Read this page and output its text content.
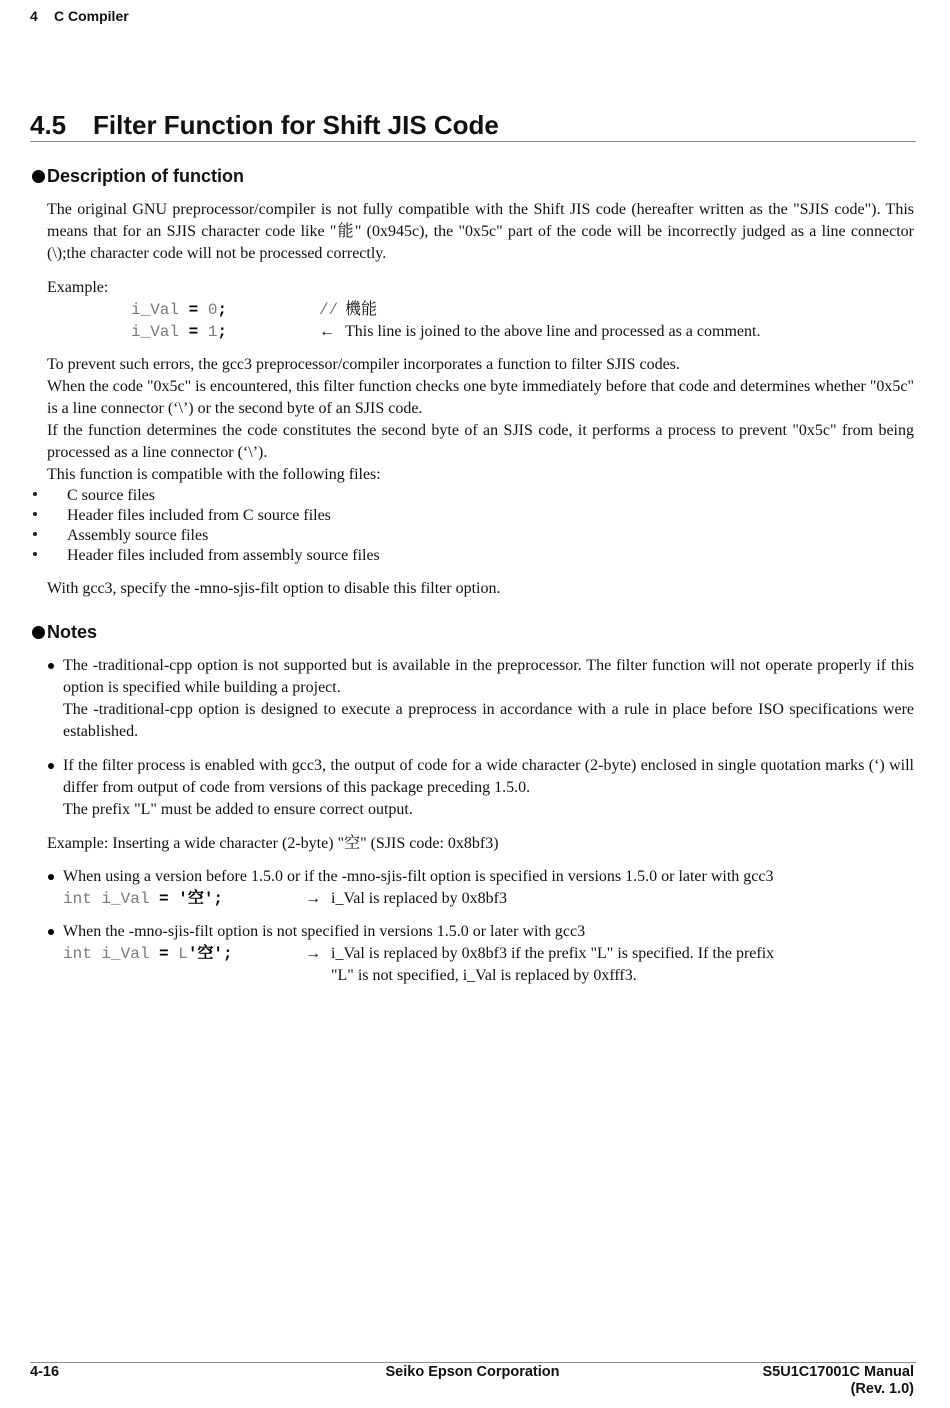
4 C Compiler
4.5 Filter Function for Shift JIS Code
Description of function
The original GNU preprocessor/compiler is not fully compatible with the Shift JIS code (hereafter written as the "SJIS code"). This means that for an SJIS character code like "能" (0x945c), the "0x5c" part of the code will be incorrectly judged as a line connector (\);the character code will not be processed correctly.
Example:
i_Val = 0;	// 機能
i_Val = 1;	← This line is joined to the above line and processed as a comment.
To prevent such errors, the gcc3 preprocessor/compiler incorporates a function to filter SJIS codes.
When the code "0x5c" is encountered, this filter function checks one byte immediately before that code and determines whether "0x5c" is a line connector (‘\’) or the second byte of an SJIS code.
If the function determines the code constitutes the second byte of an SJIS code, it performs a process to prevent "0x5c" from being processed as a line connector (‘\’).
This function is compatible with the following files:
C source files
Header files included from C source files
Assembly source files
Header files included from assembly source files
With gcc3, specify the -mno-sjis-filt option to disable this filter option.
Notes
The -traditional-cpp option is not supported but is available in the preprocessor. The filter function will not operate properly if this option is specified while building a project.
The -traditional-cpp option is designed to execute a preprocess in accordance with a rule in place before ISO specifications were established.
If the filter process is enabled with gcc3, the output of code for a wide character (2-byte) enclosed in single quotation marks (‘) will differ from output of code from versions of this package preceding 1.5.0.
The prefix "L" must be added to ensure correct output.
Example: Inserting a wide character (2-byte) "空" (SJIS code: 0x8bf3)
When using a version before 1.5.0 or if the -mno-sjis-filt option is specified in versions 1.5.0 or later with gcc3
int i_Val = '空';	→ i_Val is replaced by 0x8bf3
When the -mno-sjis-filt option is not specified in versions 1.5.0 or later with gcc3
int i_Val = L'空';	→ i_Val is replaced by 0x8bf3 if the prefix "L" is specified. If the prefix
"L" is not specified, i_Val is replaced by 0xfff3.
4-16	Seiko Epson Corporation	S5U1C17001C Manual
(Rev. 1.0)
